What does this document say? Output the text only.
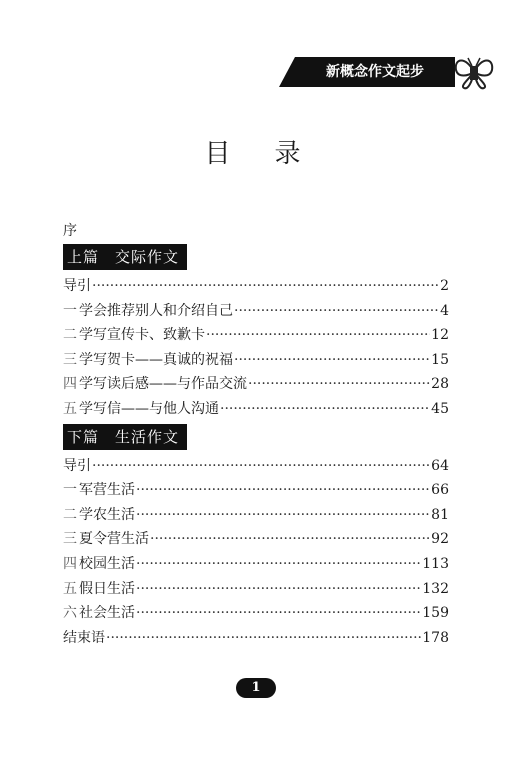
新概念作文起步
目录
序
上篇 交际作文
导引 ·····	2
一 学会推荐别人和介绍自己 ·····	4
二 学写宣传卡、致歉卡 ·····	12
三 学写贺卡——真诚的祝福 ·····	15
四 学写读后感——与作品交流 ·····	28
五 学写信——与他人沟通 ·····	45
下篇 生活作文
导引 ·····	64
一 军营生活 ·····	66
二 学农生活 ·····	81
三 夏令营生活 ·····	92
四 校园生活 ·····	113
五 假日生活 ·····	132
六 社会生活 ·····	159
结束语 ·····	178
1
